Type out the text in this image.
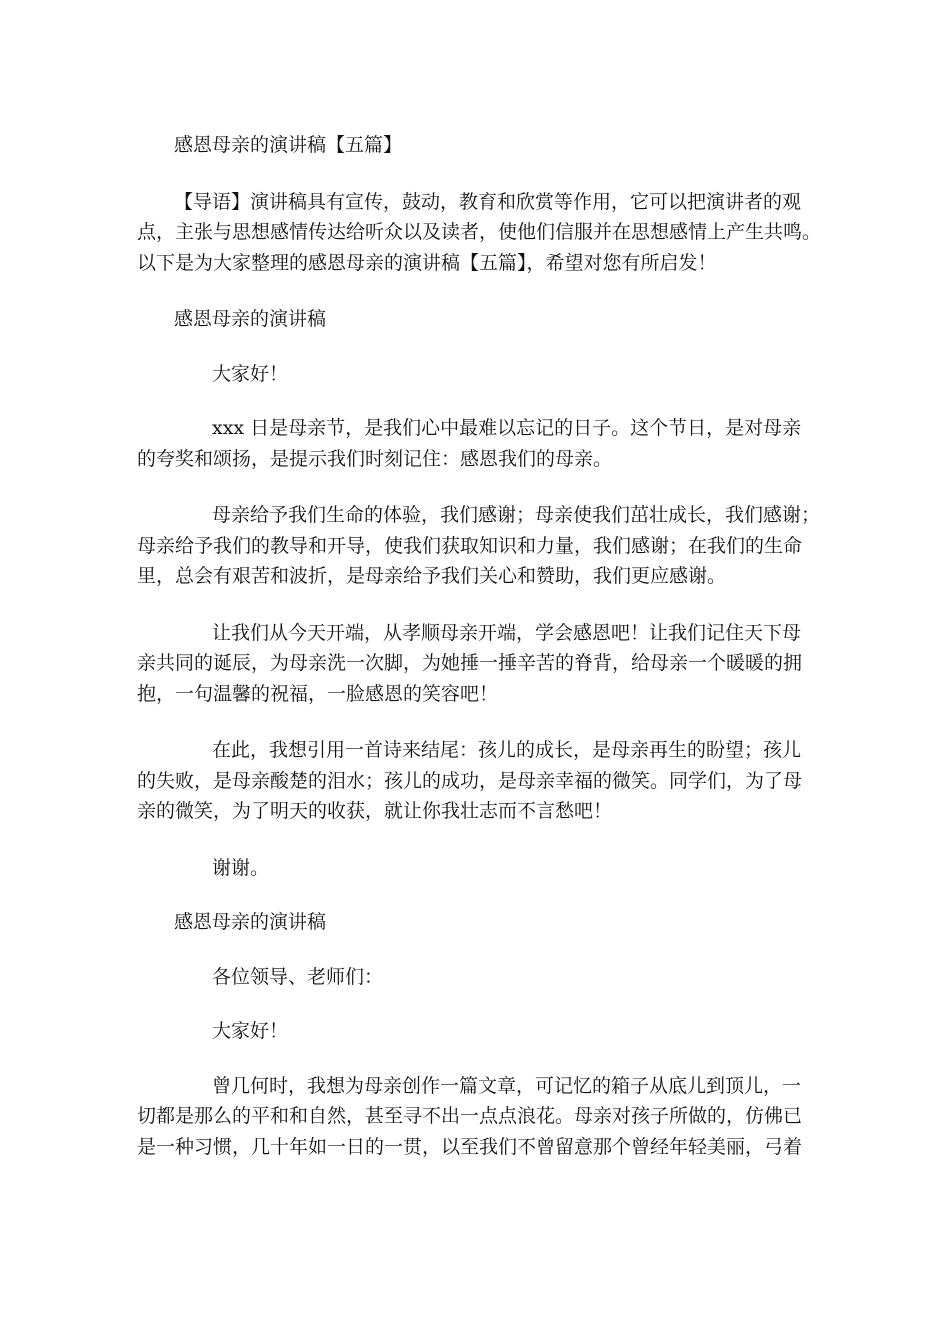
感恩母亲的演讲稿【五篇】

【导语】演讲稿具有宣传，鼓动，教育和欣赏等作用，它可以把演讲者的观
点，主张与思想感情传达给听众以及读者，使他们信服并在思想感情上产生共鸣。
以下是为大家整理的感恩母亲的演讲稿【五篇】，希望对您有所启发！

感恩母亲的演讲稿

大家好！

xxx 日是母亲节，是我们心中最难以忘记的日子。这个节日，是对母亲
的夸奖和颂扬，是提示我们时刻记住：感恩我们的母亲。

母亲给予我们生命的体验，我们感谢；母亲使我们茁壮成长，我们感谢；
母亲给予我们的教导和开导，使我们获取知识和力量，我们感谢；在我们的生命
里，总会有艰苦和波折，是母亲给予我们关心和赞助，我们更应感谢。

让我们从今天开端，从孝顺母亲开端，学会感恩吧！让我们记住天下母
亲共同的诞辰，为母亲洗一次脚，为她捶一捶辛苦的脊背，给母亲一个暖暖的拥
抱，一句温馨的祝福，一脸感恩的笑容吧！

在此，我想引用一首诗来结尾：孩儿的成长，是母亲再生的盼望；孩儿
的失败，是母亲酸楚的泪水；孩儿的成功，是母亲幸福的微笑。同学们，为了母
亲的微笑，为了明天的收获，就让你我壮志而不言愁吧！

谢谢。

感恩母亲的演讲稿

各位领导、老师们：

大家好！

曾几何时，我想为母亲创作一篇文章，可记忆的箱子从底儿到顶儿，一
切都是那么的平和和自然，甚至寻不出一点点浪花。母亲对孩子所做的，仿佛已
是一种习惯，几十年如一日的一贯，以至我们不曾留意那个曾经年轻美丽，弓着
